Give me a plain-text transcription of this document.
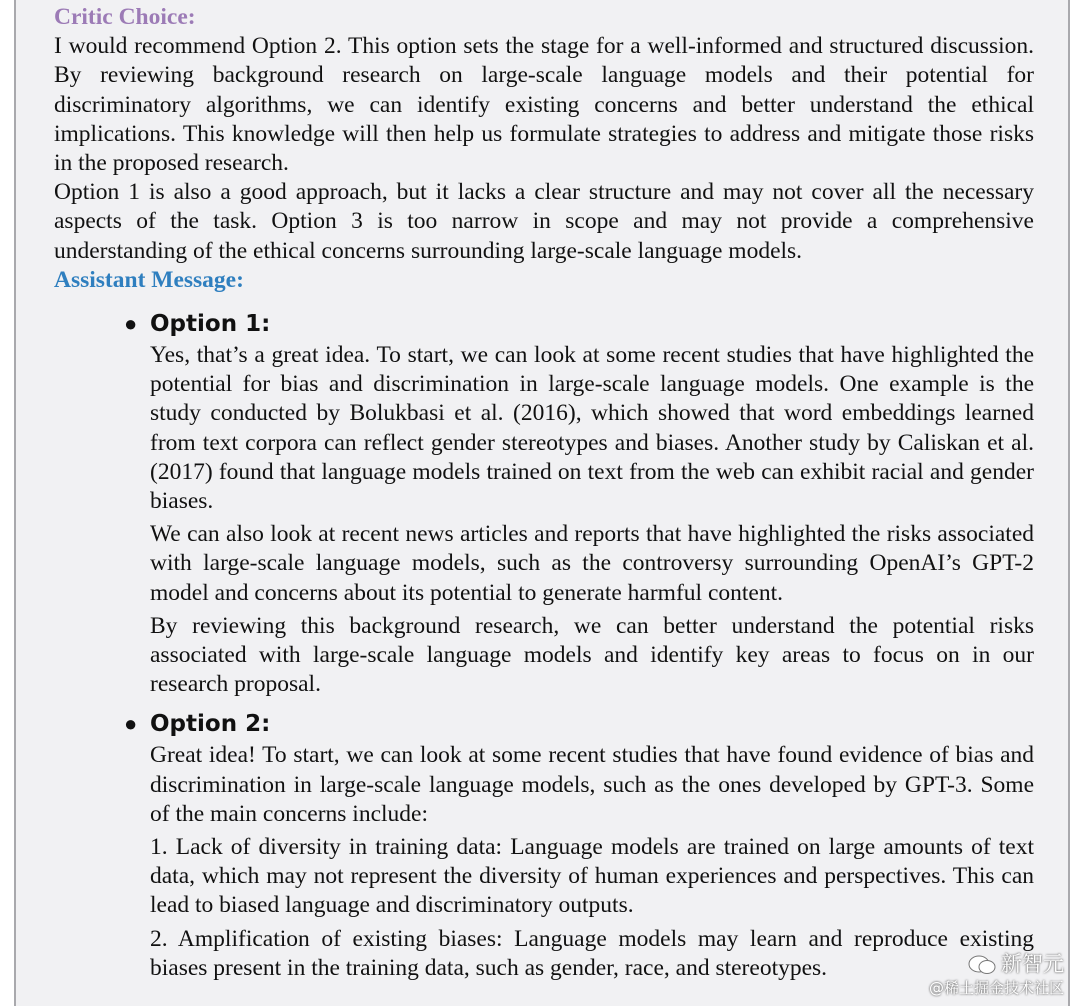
Critic Choice:

I would recommend Option 2. This option sets the stage for a well-informed and structured discussion. By reviewing background research on large-scale language models and their potential for discriminatory algorithms, we can identify existing concerns and better understand the ethical implications. This knowledge will then help us formulate strategies to address and mitigate those risks in the proposed research.

Option 1 is also a good approach, but it lacks a clear structure and may not cover all the necessary aspects of the task. Option 3 is too narrow in scope and may not provide a comprehensive understanding of the ethical concerns surrounding large-scale language models.

Assistant Message:
● Option 1:

Yes, that’s a great idea. To start, we can look at some recent studies that have highlighted the potential for bias and discrimination in large-scale language models. One example is the study conducted by Bolukbasi et al. (2016), which showed that word embeddings learned from text corpora can reflect gender stereotypes and biases. Another study by Caliskan et al. (2017) found that language models trained on text from the web can exhibit racial and gender biases.

We can also look at recent news articles and reports that have highlighted the risks associated with large-scale language models, such as the controversy surrounding OpenAI’s GPT-2 model and concerns about its potential to generate harmful content.

By reviewing this background research, we can better understand the potential risks associated with large-scale language models and identify key areas to focus on in our research proposal.

● Option 2:

Great idea! To start, we can look at some recent studies that have found evidence of bias and discrimination in large-scale language models, such as the ones developed by GPT-3. Some of the main concerns include:

1. Lack of diversity in training data: Language models are trained on large amounts of text data, which may not represent the diversity of human experiences and perspectives. This can lead to biased language and discriminatory outputs.

2. Amplification of existing biases: Language models may learn and reproduce existing biases present in the training data, such as gender, race, and stereotypes.	新智元
@稀土掘金技术社区
